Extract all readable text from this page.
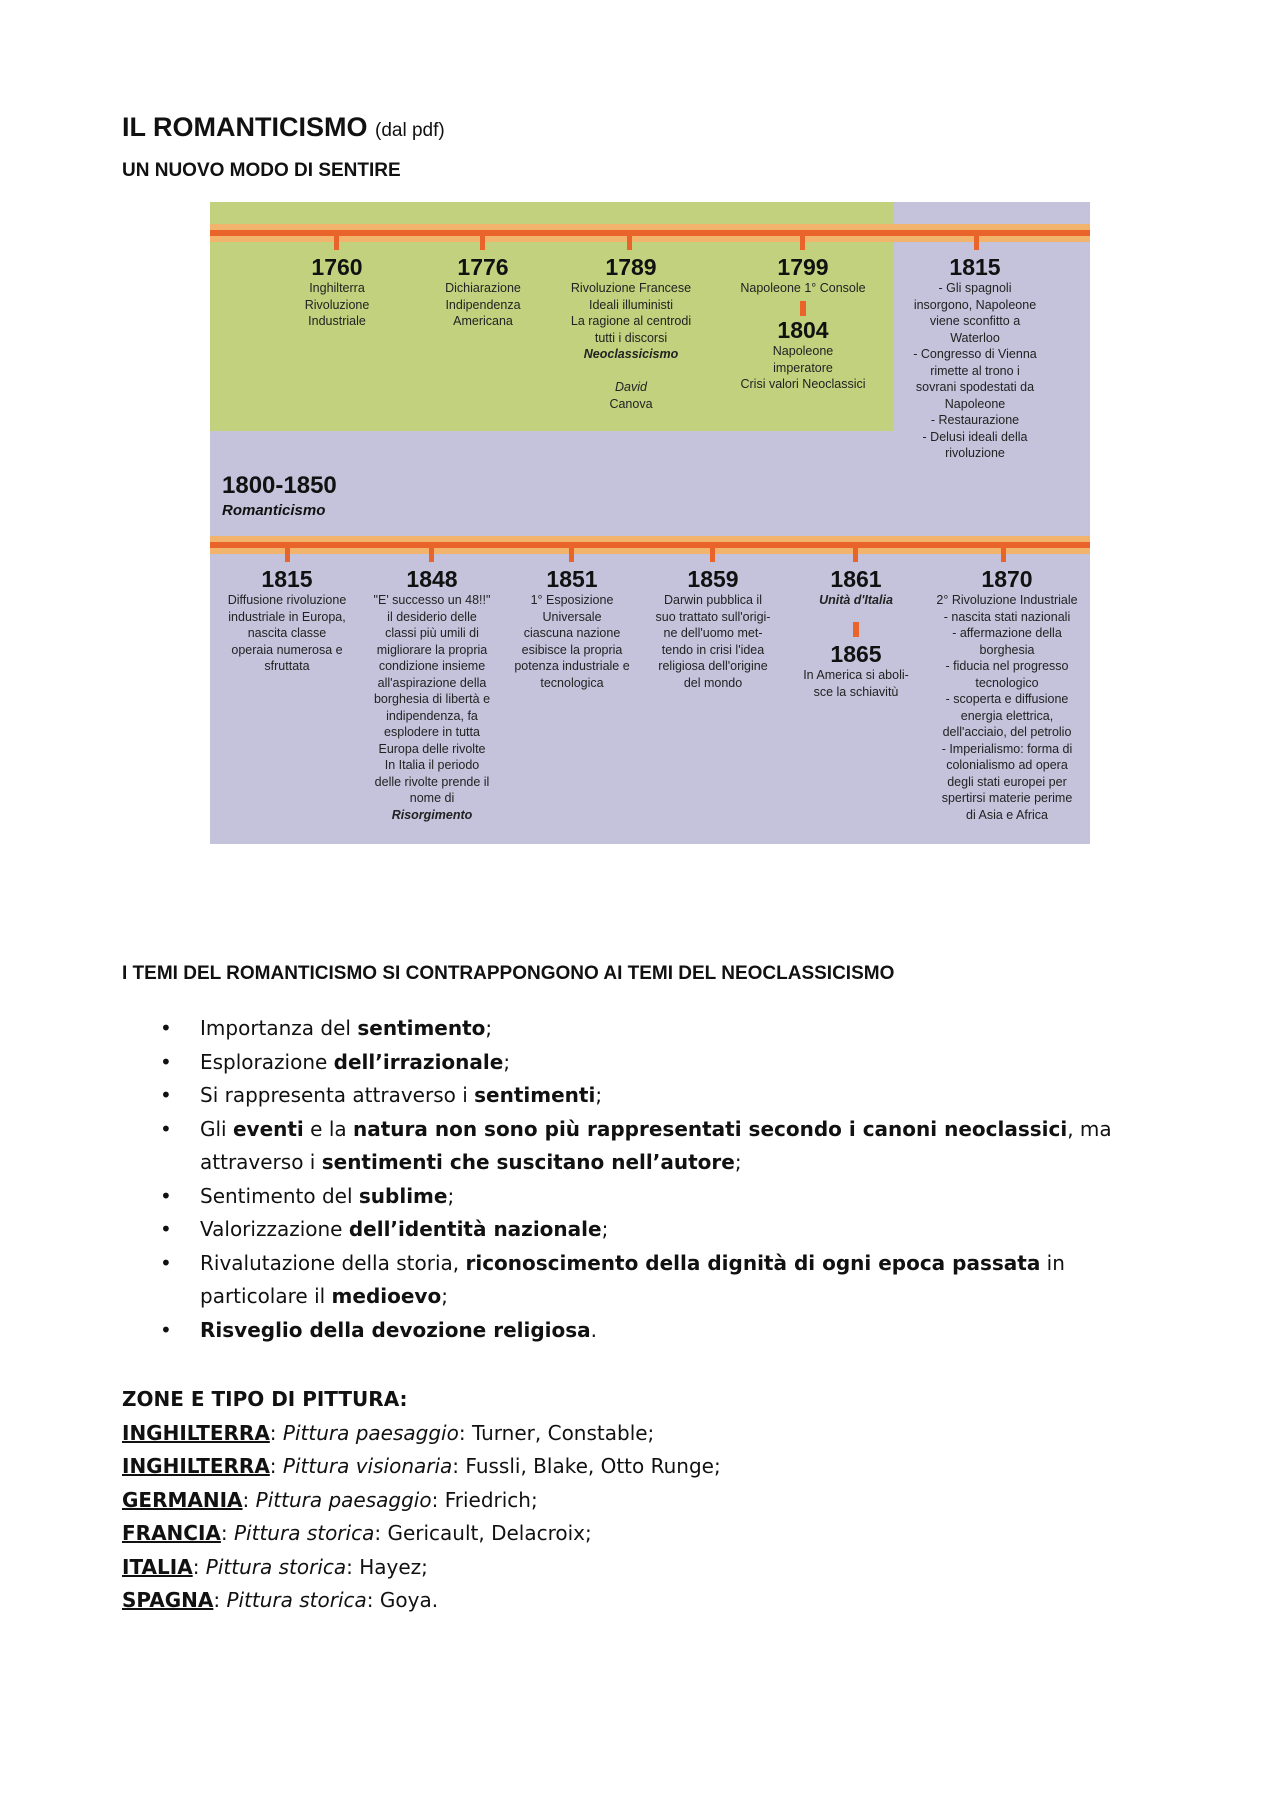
IL ROMANTICISMO (dal pdf)
UN NUOVO MODO DI SENTIRE
1760
Inghilterra
Rivoluzione
Industriale
1776
Dichiarazione
Indipendenza
Americana
1789
Rivoluzione Francese
Ideali illuministi
La ragione al centrodi
tutti i discorsi
Neoclassicismo

David
Canova
1799
Napoleone 1° Console
1804
Napoleone
imperatore
Crisi valori Neoclassici
1815
- Gli spagnoli
insorgono, Napoleone
viene sconfitto a
Waterloo
- Congresso di Vienna
rimette al trono i
sovrani spodestati da
Napoleone
- Restaurazione
- Delusi ideali della
rivoluzione
1800-1850
Romanticismo
1815
Diffusione rivoluzione
industriale in Europa,
nascita classe
operaia numerosa e
sfruttata
1848
"E' successo un 48!!"
il desiderio delle
classi più umili di
migliorare la propria
condizione insieme
all'aspirazione della
borghesia di libertà e
indipendenza, fa
esplodere in tutta
Europa delle rivolte
In Italia il periodo
delle rivolte prende il
nome di
Risorgimento
1851
1° Esposizione
Universale
ciascuna nazione
esibisce la propria
potenza industriale e
tecnologica
1859
Darwin pubblica il
suo trattato sull'origi-
ne dell'uomo met-
tendo in crisi l'idea
religiosa dell'origine
del mondo
1861
Unità d'Italia
1865
In America si aboli-
sce la schiavitù
1870
2° Rivoluzione Industriale
- nascita stati nazionali
- affermazione della
borghesia
- fiducia nel progresso
tecnologico
- scoperta e diffusione
energia elettrica,
dell'acciaio, del petrolio
- Imperialismo: forma di
colonialismo ad opera
degli stati europei per
spertirsi materie perime
di Asia e Africa
I TEMI DEL ROMANTICISMO SI CONTRAPPONGONO AI TEMI DEL NEOCLASSICISMO
• Importanza del sentimento;
• Esplorazione dell’irrazionale;
• Si rappresenta attraverso i sentimenti;
• Gli eventi e la natura non sono più rappresentati secondo i canoni neoclassici, ma attraverso i sentimenti che suscitano nell’autore;
• Sentimento del sublime;
• Valorizzazione dell’identità nazionale;
• Rivalutazione della storia, riconoscimento della dignità di ogni epoca passata in particolare il medioevo;
• Risveglio della devozione religiosa.
ZONE E TIPO DI PITTURA:
INGHILTERRA: Pittura paesaggio: Turner, Constable;
INGHILTERRA: Pittura visionaria: Fussli, Blake, Otto Runge;
GERMANIA: Pittura paesaggio: Friedrich;
FRANCIA: Pittura storica: Gericault, Delacroix;
ITALIA: Pittura storica: Hayez;
SPAGNA: Pittura storica: Goya.
